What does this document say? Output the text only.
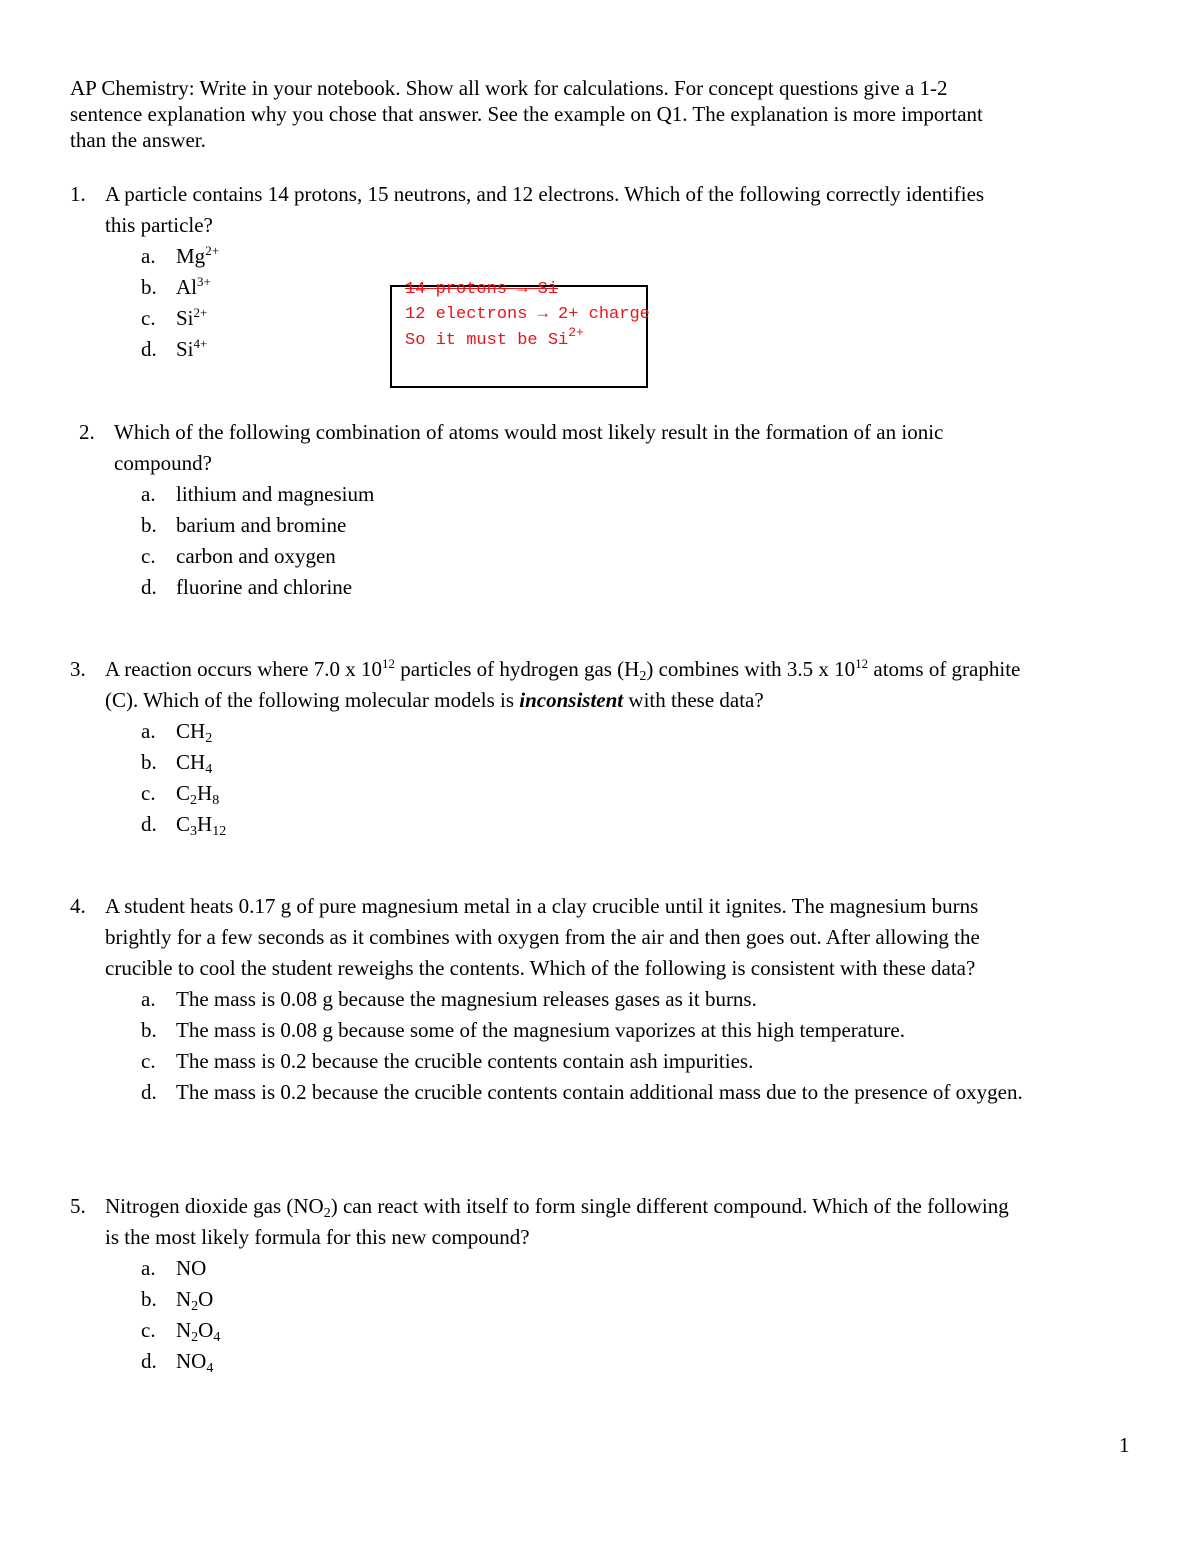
AP Chemistry: Write in your notebook. Show all work for calculations. For concept questions give a 1-2
sentence explanation why you chose that answer. See the example on Q1. The explanation is more important
than the answer.
1. A particle contains 14 protons, 15 neutrons, and 12 electrons. Which of the following correctly identifies
this particle?
a. $Mg^{2+}$
b. $Al^{3+}$
c. $Si^{2+}$
d. $Si^{4+}$
14 protons → Si
12 electrons → 2+ charge
So it must be $Si^{2+}$
2. Which of the following combination of atoms would most likely result in the formation of an ionic
compound?
a. lithium and magnesium
b. barium and bromine
c. carbon and oxygen
d. fluorine and chlorine
3. A reaction occurs where 7.0 x $10^{12}$ particles of hydrogen gas $(H_2)$ combines with 3.5 x $10^{12}$ atoms of graphite
(C). Which of the following molecular models is inconsistent with these data?
a. $CH_2$
b. $CH_4$
c. $C_2H_8$
d. $C_3H_{12}$
4. A student heats 0.17 g of pure magnesium metal in a clay crucible until it ignites. The magnesium burns
brightly for a few seconds as it combines with oxygen from the air and then goes out. After allowing the
crucible to cool the student reweighs the contents. Which of the following is consistent with these data?
a. The mass is 0.08 g because the magnesium releases gases as it burns.
b. The mass is 0.08 g because some of the magnesium vaporizes at this high temperature.
c. The mass is 0.2 because the crucible contents contain ash impurities.
d. The mass is 0.2 because the crucible contents contain additional mass due to the presence of oxygen.
5. Nitrogen dioxide gas $(NO_2)$ can react with itself to form single different compound. Which of the following
is the most likely formula for this new compound?
a. NO
b. $N_2O$
c. $N_2O_4$
d. $NO_4$
1
